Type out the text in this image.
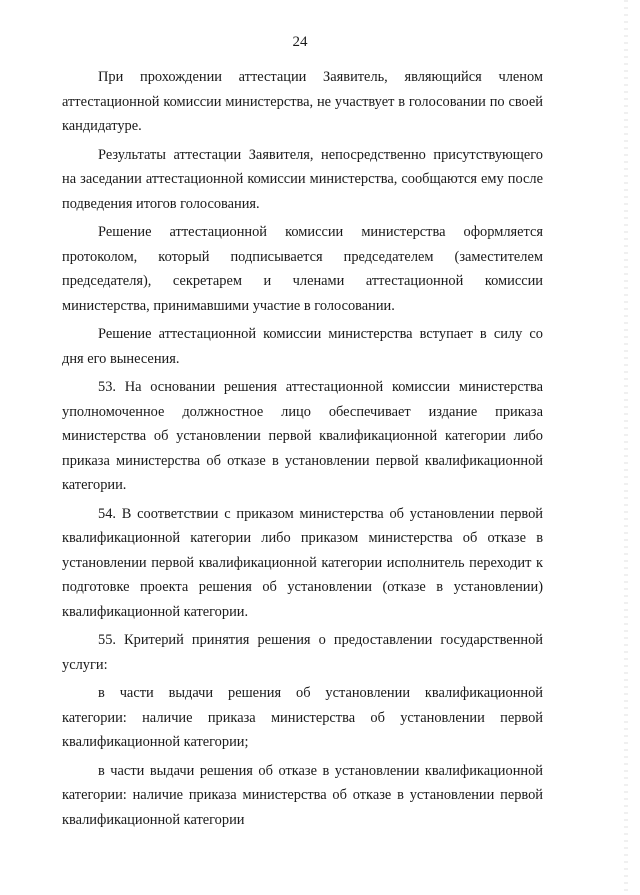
24

При прохождении аттестации Заявитель, являющийся членом аттестационной комиссии министерства, не участвует в голосовании по своей кандидатуре.

Результаты аттестации Заявителя, непосредственно присутствующего на заседании аттестационной комиссии министерства, сообщаются ему после подведения итогов голосования.

Решение аттестационной комиссии министерства оформляется протоколом, который подписывается председателем (заместителем председателя), секретарем и членами аттестационной комиссии министерства, принимавшими участие в голосовании.

Решение аттестационной комиссии министерства вступает в силу со дня его вынесения.

53. На основании решения аттестационной комиссии министерства уполномоченное должностное лицо обеспечивает издание приказа министерства об установлении первой квалификационной категории либо приказа министерства об отказе в установлении первой квалификационной категории.

54. В соответствии с приказом министерства об установлении первой квалификационной категории либо приказом министерства об отказе в установлении первой квалификационной категории исполнитель переходит к подготовке проекта решения об установлении (отказе в установлении) квалификационной категории.

55. Критерий принятия решения о предоставлении государственной услуги:

в части выдачи решения об установлении квалификационной категории: наличие приказа министерства об установлении первой квалификационной категории;

в части выдачи решения об отказе в установлении квалификационной категории: наличие приказа министерства об отказе в установлении первой квалификационной категории
